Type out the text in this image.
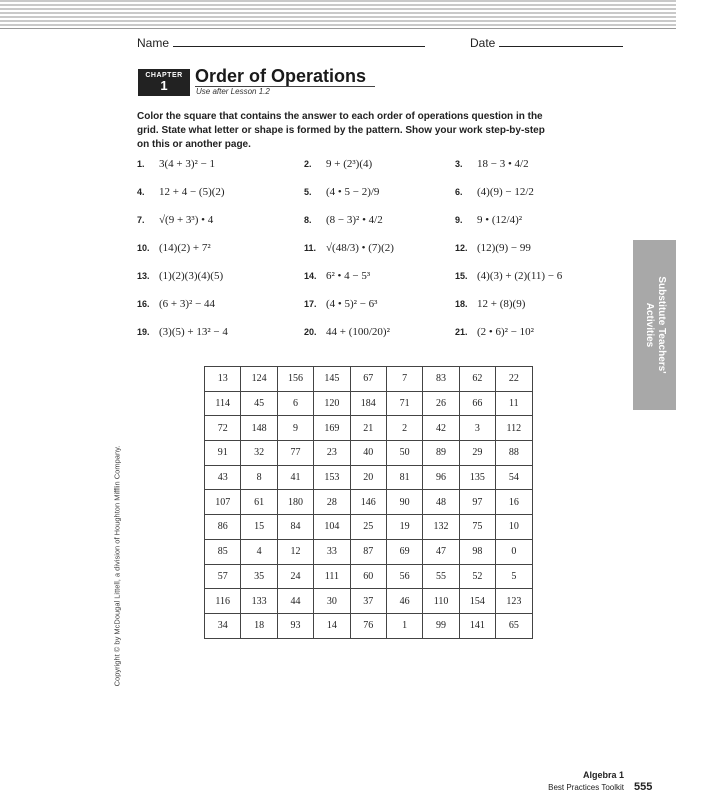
Name	Date
CHAPTER
1	Order of Operations
Use after Lesson 1.2
Color the square that contains the answer to each order of operations question in the grid. State what letter or shape is formed by the pattern. Show your work step-by-step on this or another page.
1. 3(4 + 3)² − 1	2. 9 + (2³)(4)	3. 18 − 3 • 4/2
4. 12 + 4 − (5)(2)	5. (4 • 5 − 2)/9	6. (4)(9) − 12/2
7. √(9 + 3³) • 4	8. (8 − 3)² • 4/2	9. 9 • (12/4)²
10. (14)(2) + 7²	11. √(48/3) • (7)(2)	12. (12)(9) − 99
13. (1)(2)(3)(4)(5)	14. 6² • 4 − 5³	15. (4)(3) + (2)(11) − 6
16. (6 + 3)² − 44	17. (4 • 5)² − 6³	18. 12 + (8)(9)
19. (3)(5) + 13² − 4	20. 44 + (100/20)²	21. (2 • 6)² − 10²
13	124	156	145	67	7	83	62	22
114	45	6	120	184	71	26	66	11
72	148	9	169	21	2	42	3	112
91	32	77	23	40	50	89	29	88
43	8	41	153	20	81	96	135	54
107	61	180	28	146	90	48	97	16
86	15	84	104	25	19	132	75	10
85	4	12	33	87	69	47	98	0
57	35	24	111	60	56	55	52	5
116	133	44	30	37	46	110	154	123
34	18	93	14	76	1	99	141	65
Copyright © by McDougal Littell, a division of Houghton Mifflin Company.
Substitute Teachers'
Activities
Algebra 1
Best Practices Toolkit 555
